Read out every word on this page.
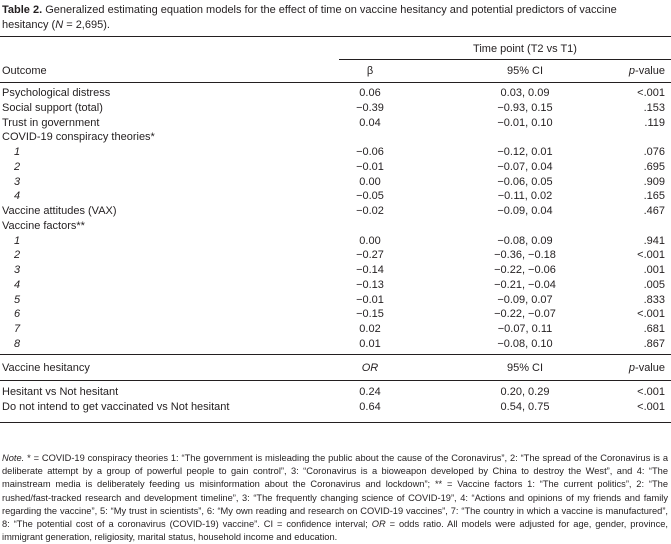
Table 2. Generalized estimating equation models for the effect of time on vaccine hesitancy and potential predictors of vaccine hesitancy (N = 2,695).
Time point (T2 vs T1)
Outcome	β	95% CI	p-value
Psychological distress	0.06	0.03, 0.09	<.001
Social support (total)	−0.39	−0.93, 0.15	.153
Trust in government	0.04	−0.01, 0.10	.119
COVID-19 conspiracy theories*
1	−0.06	−0.12, 0.01	.076
2	−0.01	−0.07, 0.04	.695
3	0.00	−0.06, 0.05	.909
4	−0.05	−0.11, 0.02	.165
Vaccine attitudes (VAX)	−0.02	−0.09, 0.04	.467
Vaccine factors**
1	0.00	−0.08, 0.09	.941
2	−0.27	−0.36, −0.18	<.001
3	−0.14	−0.22, −0.06	.001
4	−0.13	−0.21, −0.04	.005
5	−0.01	−0.09, 0.07	.833
6	−0.15	−0.22, −0.07	<.001
7	0.02	−0.07, 0.11	.681
8	0.01	−0.08, 0.10	.867
Vaccine hesitancy	OR	95% CI	p-value
Hesitant vs Not hesitant	0.24	0.20, 0.29	<.001
Do not intend to get vaccinated vs Not hesitant	0.64	0.54, 0.75	<.001
Note. * = COVID-19 conspiracy theories 1: “The government is misleading the public about the cause of the Coronavirus”, 2: “The spread of the Coronavirus is a deliberate attempt by a group of powerful people to gain control”, 3: “Coronavirus is a bioweapon developed by China to destroy the West”, and 4: “The mainstream media is deliberately feeding us misinformation about the Coronavirus and lockdown”; ** = Vaccine factors 1: “The current politics”, 2: “The rushed/fast-tracked research and development timeline”, 3: “The frequently changing science of COVID-19”, 4: “Actions and opinions of my friends and family regarding the vaccine”, 5: “My trust in scientists”, 6: “My own reading and research on COVID-19 vaccines”, 7: “The country in which a vaccine is manufactured”, 8: “The potential cost of a coronavirus (COVID-19) vaccine”. CI = confidence interval; OR = odds ratio. All models were adjusted for age, gender, province, immigrant generation, religiosity, marital status, household income and education.
